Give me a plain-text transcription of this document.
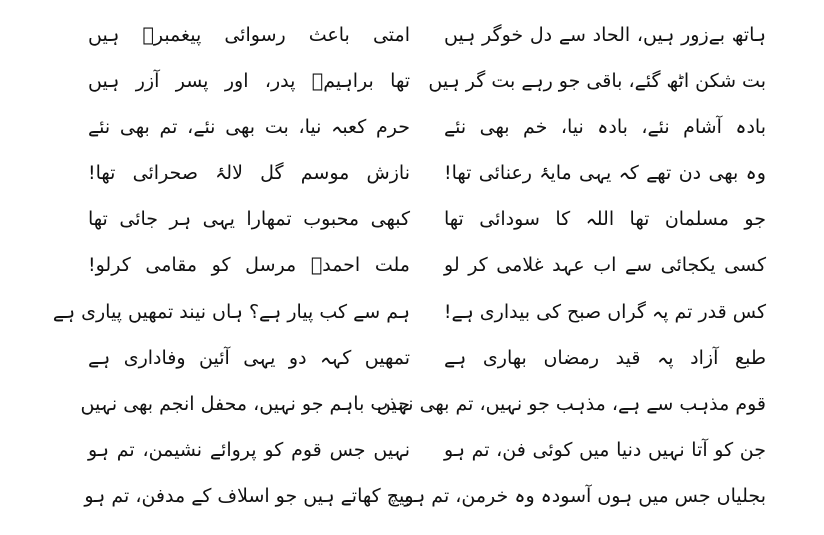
ہاتھ بےزور ہیں، الحاد سے دل خوگر ہیں
بت شکن اٹھ گئے، باقی جو رہے بت گر ہیں
بادہ آشام نئے، بادہ نیا، خم بھی نئے
وہ بھی دن تھے کہ یہی مایۂ رعنائی تھا!
جو مسلمان تھا اللہ کا سودائی تھا
کسی یکجائی سے اب عہد غلامی کر لو
کس قدر تم پہ گراں صبح کی بیداری ہے!
طبع آزاد پہ قید رمضاں بھاری ہے
قوم مذہب سے ہے، مذہب جو نہیں، تم بھی نہیں
جن کو آتا نہیں دنیا میں کوئی فن، تم ہو
بجلیاں جس میں ہوں آسودہ وہ خرمن، تم ہو
امتی باعث رسوائی پیغمبرؐ ہیں
تھا براہیمؑ پدر، اور پسر آزر ہیں
حرم کعبہ نیا، بت بھی نئے، تم بھی نئے
نازش موسم گل لالۂ صحرائی تھا!
کبھی محبوب تمھارا یہی ہر جائی تھا
ملت احمدؐ مرسل کو مقامی کرلو!
ہم سے کب پیار ہے؟ ہاں نیند تمھیں پیاری ہے
تمھیں کہہ دو یہی آئین وفاداری ہے
جذب باہم جو نہیں، محفل انجم بھی نہیں
نہیں جس قوم کو پروائے نشیمن، تم ہو
بیچ کھاتے ہیں جو اسلاف کے مدفن، تم ہو
